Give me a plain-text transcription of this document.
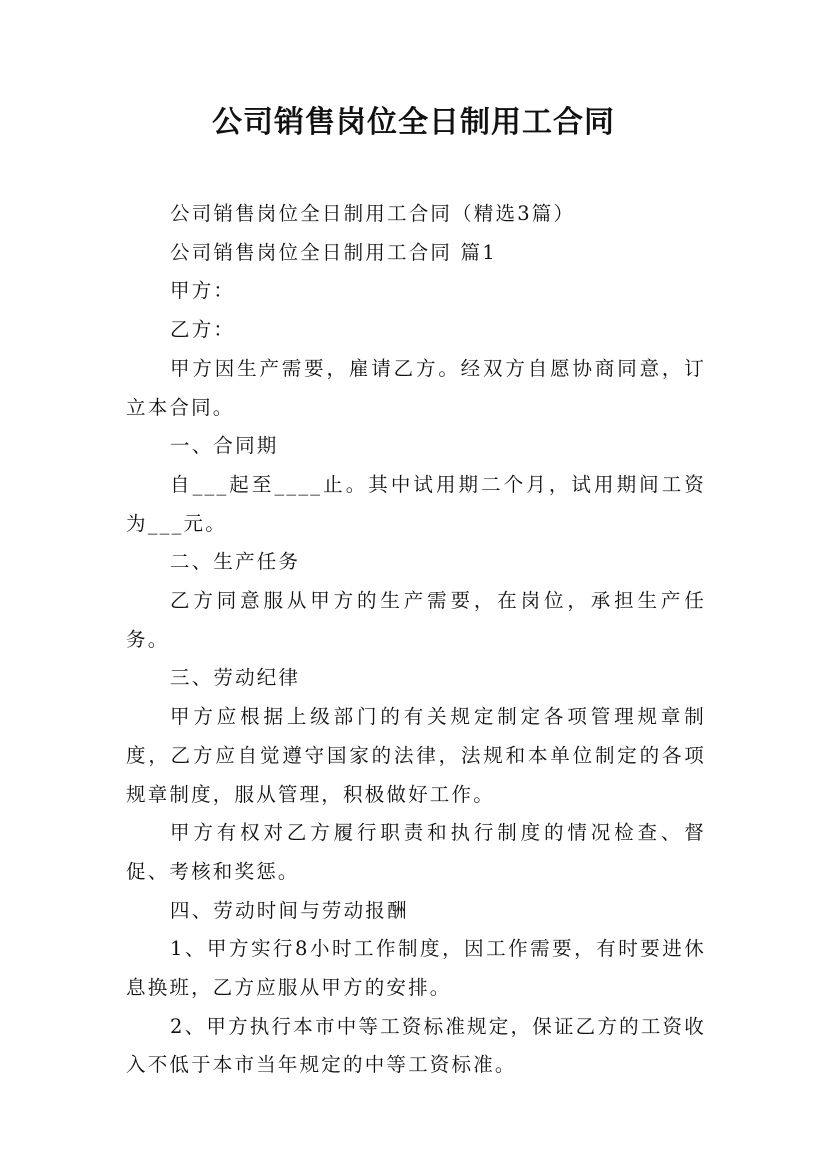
公司销售岗位全日制用工合同

公司销售岗位全日制用工合同（精选3篇）

公司销售岗位全日制用工合同 篇1

甲方：

乙方：

甲方因生产需要，雇请乙方。经双方自愿协商同意，订立本合同。

一、合同期

自___起至____止。其中试用期二个月，试用期间工资为___元。

二、生产任务

乙方同意服从甲方的生产需要，在岗位，承担生产任务。

三、劳动纪律

甲方应根据上级部门的有关规定制定各项管理规章制度，乙方应自觉遵守国家的法律，法规和本单位制定的各项规章制度，服从管理，积极做好工作。

甲方有权对乙方履行职责和执行制度的情况检查、督促、考核和奖惩。

四、劳动时间与劳动报酬

1、甲方实行8小时工作制度，因工作需要，有时要进休息换班，乙方应服从甲方的安排。

2、甲方执行本市中等工资标准规定，保证乙方的工资收入不低于本市当年规定的中等工资标准。
